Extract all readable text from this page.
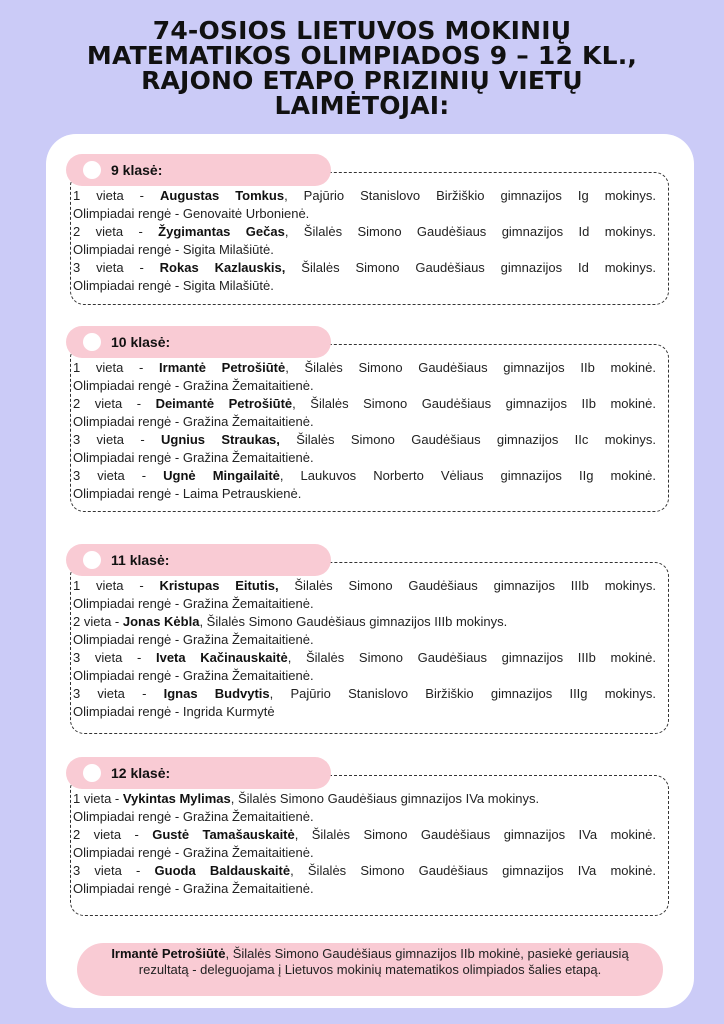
74-OSIOS LIETUVOS MOKINIŲ
MATEMATIKOS OLIMPIADOS 9 – 12 KL.,
RAJONO ETAPO PRIZINIŲ VIETŲ
LAIMĖTOJAI:
9 klasė:
1 vieta - Augustas Tomkus, Pajūrio Stanislovo Biržiškio gimnazijos Ig mokinys.
Olimpiadai rengė - Genovaitė Urbonienė.
2 vieta - Žygimantas Gečas, Šilalės Simono Gaudėšiaus gimnazijos Id mokinys.
Olimpiadai rengė - Sigita Milašiūtė.
3 vieta - Rokas Kazlauskis, Šilalės Simono Gaudėšiaus gimnazijos Id mokinys.
Olimpiadai rengė - Sigita Milašiūtė.
10 klasė:
1 vieta - Irmantė Petrošiūtė, Šilalės Simono Gaudėšiaus gimnazijos IIb mokinė.
Olimpiadai rengė - Gražina Žemaitaitienė.
2 vieta - Deimantė Petrošiūtė, Šilalės Simono Gaudėšiaus gimnazijos IIb mokinė.
Olimpiadai rengė - Gražina Žemaitaitienė.
3 vieta - Ugnius Straukas, Šilalės Simono Gaudėšiaus gimnazijos IIc mokinys.
Olimpiadai rengė - Gražina Žemaitaitienė.
3 vieta - Ugnė Mingailaitė, Laukuvos Norberto Vėliaus gimnazijos IIg mokinė.
Olimpiadai rengė - Laima Petrauskienė.
11 klasė:
1 vieta - Kristupas Eitutis, Šilalės Simono Gaudėšiaus gimnazijos IIIb mokinys.
Olimpiadai rengė - Gražina Žemaitaitienė.
2 vieta - Jonas Kėbla, Šilalės Simono Gaudėšiaus gimnazijos IIIb mokinys.
Olimpiadai rengė - Gražina Žemaitaitienė.
3 vieta - Iveta Kačinauskaitė, Šilalės Simono Gaudėšiaus gimnazijos IIIb mokinė.
Olimpiadai rengė - Gražina Žemaitaitienė.
3 vieta - Ignas Budvytis, Pajūrio Stanislovo Biržiškio gimnazijos IIIg mokinys.
Olimpiadai rengė - Ingrida Kurmytė
12 klasė:
1 vieta - Vykintas Mylimas, Šilalės Simono Gaudėšiaus gimnazijos IVa mokinys.
Olimpiadai rengė - Gražina Žemaitaitienė.
2 vieta - Gustė Tamašauskaitė, Šilalės Simono Gaudėšiaus gimnazijos IVa mokinė.
Olimpiadai rengė - Gražina Žemaitaitienė.
3 vieta - Guoda Baldauskaitė, Šilalės Simono Gaudėšiaus gimnazijos IVa mokinė.
Olimpiadai rengė - Gražina Žemaitaitienė.
Irmantė Petrošiūtė, Šilalės Simono Gaudėšiaus gimnazijos IIb mokinė, pasiekė geriausią rezultatą - deleguojama į Lietuvos mokinių matematikos olimpiados šalies etapą.
